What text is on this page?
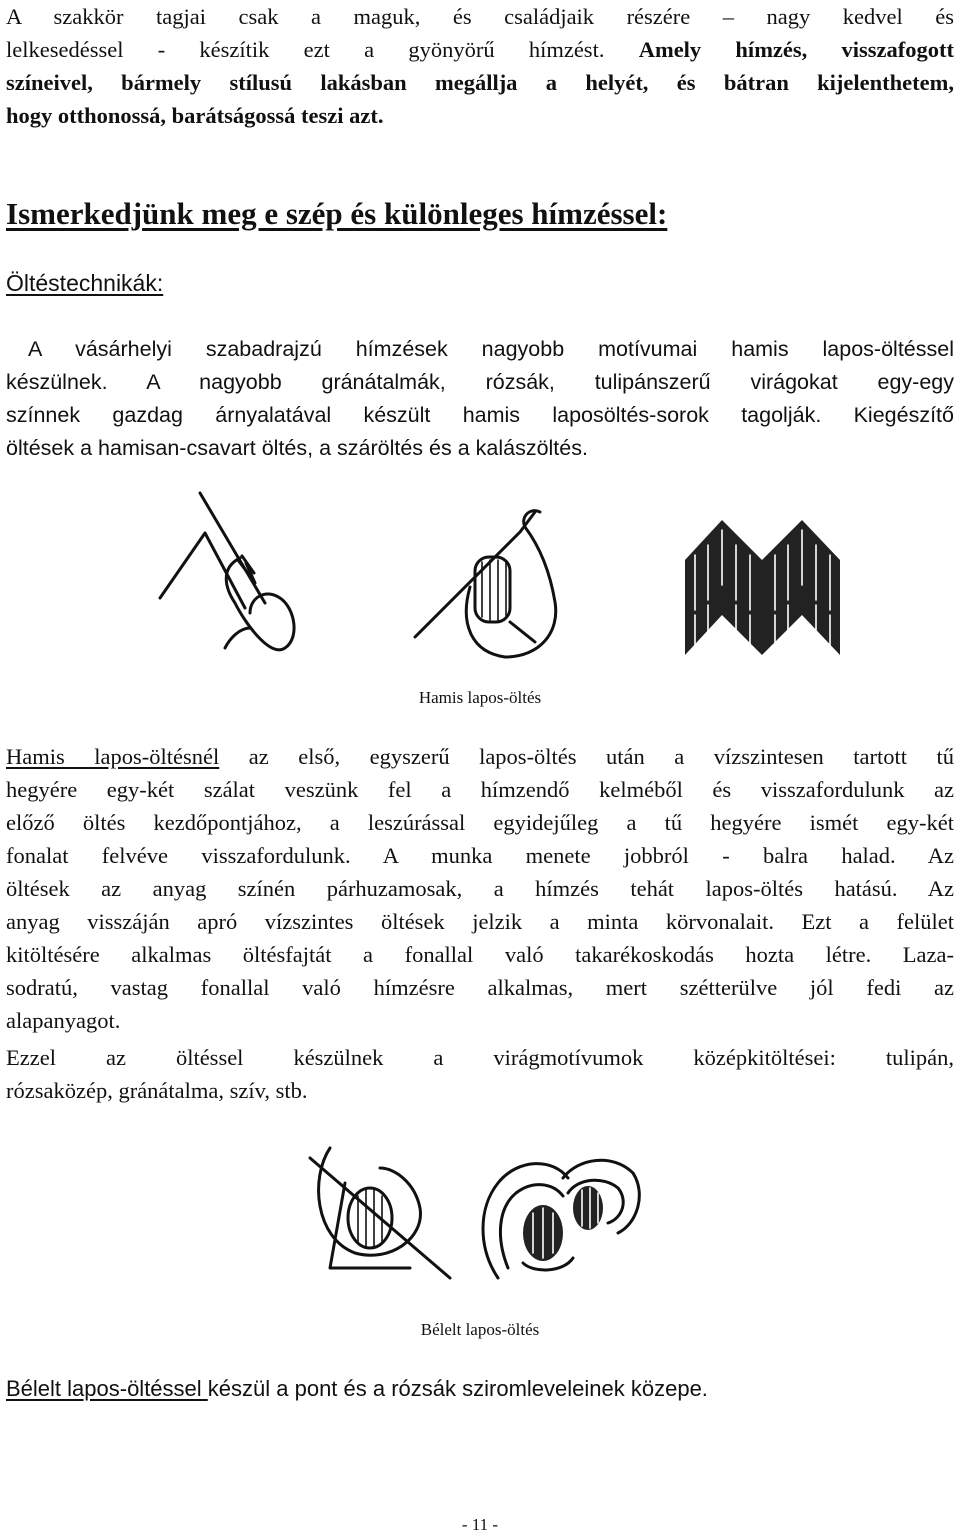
A szakkör tagjai csak a maguk, és családjaik részére – nagy kedvel és
lelkesedéssel - készítik ezt a gyönyörű hímzést. Amely hímzés, visszafogott
színeivel, bármely stílusú lakásban megállja a helyét, és bátran kijelenthetem,
hogy otthonossá, barátságossá teszi azt.
Ismerkedjünk meg e szép és különleges hímzéssel:
Öltéstechnikák:
A vásárhelyi szabadrajzú hímzések nagyobb motívumai hamis lapos-öltéssel
készülnek. A nagyobb gránátalmák, rózsák, tulipánszerű virágokat egy-egy
színnek gazdag árnyalatával készült hamis laposöltés-sorok tagolják. Kiegészítő
öltések a hamisan-csavart öltés, a száröltés és a kalászöltés.
Hamis lapos-öltés
Hamis lapos-öltésnél az első, egyszerű lapos-öltés után a vízszintesen tartott tű
hegyére egy-két szálat veszünk fel a hímzendő kelméből és visszafordulunk az
előző öltés kezdőpontjához, a leszúrással egyidejűleg a tű hegyére ismét egy-két
fonalat felvéve visszafordulunk. A munka menete jobbról - balra halad. Az
öltések az anyag színén párhuzamosak, a hímzés tehát lapos-öltés hatású. Az
anyag visszáján apró vízszintes öltések jelzik a minta körvonalait. Ezt a felület
kitöltésére alkalmas öltésfajtát a fonallal való takarékoskodás hozta létre. Laza-
sodratú, vastag fonallal való hímzésre alkalmas, mert szétterülve jól fedi az
alapanyagot.
Ezzel az öltéssel készülnek a virágmotívumok középkitöltései: tulipán,
rózsaközép, gránátalma, szív, stb.
Bélelt lapos-öltés
Bélelt lapos-öltéssel készül a pont és a rózsák sziromleveleinek közepe.
- 11 -
